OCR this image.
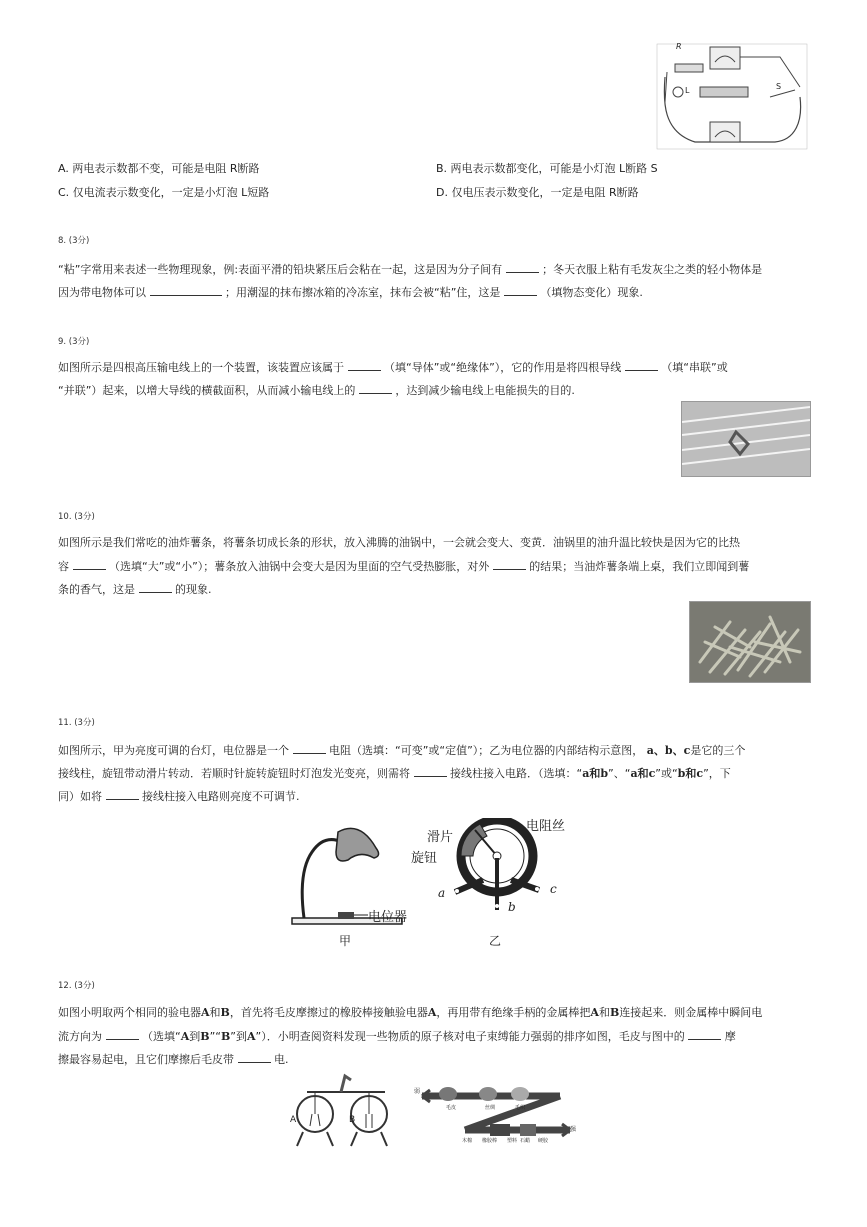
R
L	S
A. 两电表示数都不变，可能是电阻 R断路	B. 两电表示数都变化，可能是小灯泡 L断路 S
C. 仅电流表示数变化，一定是小灯泡 L短路	D. 仅电压表示数变化，一定是电阻 R断路
8. (3分)
“粘”字常用来表述一些物理现象，例:表面平滑的铅块紧压后会粘在一起，这是因为分子间有	；冬天衣服上粘有毛发灰尘之类的轻小物体是
因为带电物体可以	；用潮湿的抹布擦冰箱的冷冻室，抹布会被“粘”住，这是	（填物态变化）现象.
9. (3分)
如图所示是四根高压输电线上的一个装置，该装置应该属于	（填“导体”或“绝缘体”），它的作用是将四根导线	（填“串联”或
“并联”）起来，以增大导线的横截面积，从而减小输电线上的	，达到减少输电线上电能损失的目的.
10. (3分)
如图所示是我们常吃的油炸薯条，将薯条切成长条的形状，放入沸腾的油锅中，一会就会变大、变黄．油锅里的油升温比较快是因为它的比热
容	（选填“大”或“小”）；薯条放入油锅中会变大是因为里面的空气受热膨胀，对外	的结果；当油炸薯条端上桌，我们立即闻到薯
条的香气，这是	的现象.
11. (3分)
如图所示，甲为亮度可调的台灯，电位器是一个	电阻（选填：“可变”或“定值”）；乙为电位器的内部结构示意图， a、b、c是它的三个
接线柱，旋钮带动滑片转动．若顺时针旋转旋钮时灯泡发光变亮，则需将	接线柱接入电路．（选填：“a和b”、“a和c”或“b和c”，下
同）如将	接线柱接入电路则亮度不可调节.
电位器
甲
滑片
旋钮
电阻丝
a
b
c
乙
12. (3分)
如图小明取两个相同的验电器A和B，首先将毛皮摩擦过的橡胶棒接触验电器A，再用带有绝缘手柄的金属棒把A和B连接起来．则金属棒中瞬间电
流方向为	（选填“A到B”“B”到A”）．小明查阅资料发现一些物质的原子核对电子束缚能力强弱的排序如图，毛皮与图中的	摩
擦最容易起电，且它们摩擦后毛皮带	电.
A	B
弱
强
毛皮	丝绸	毛织
木棉 橡胶棒 塑料 石蜡 硬胶
